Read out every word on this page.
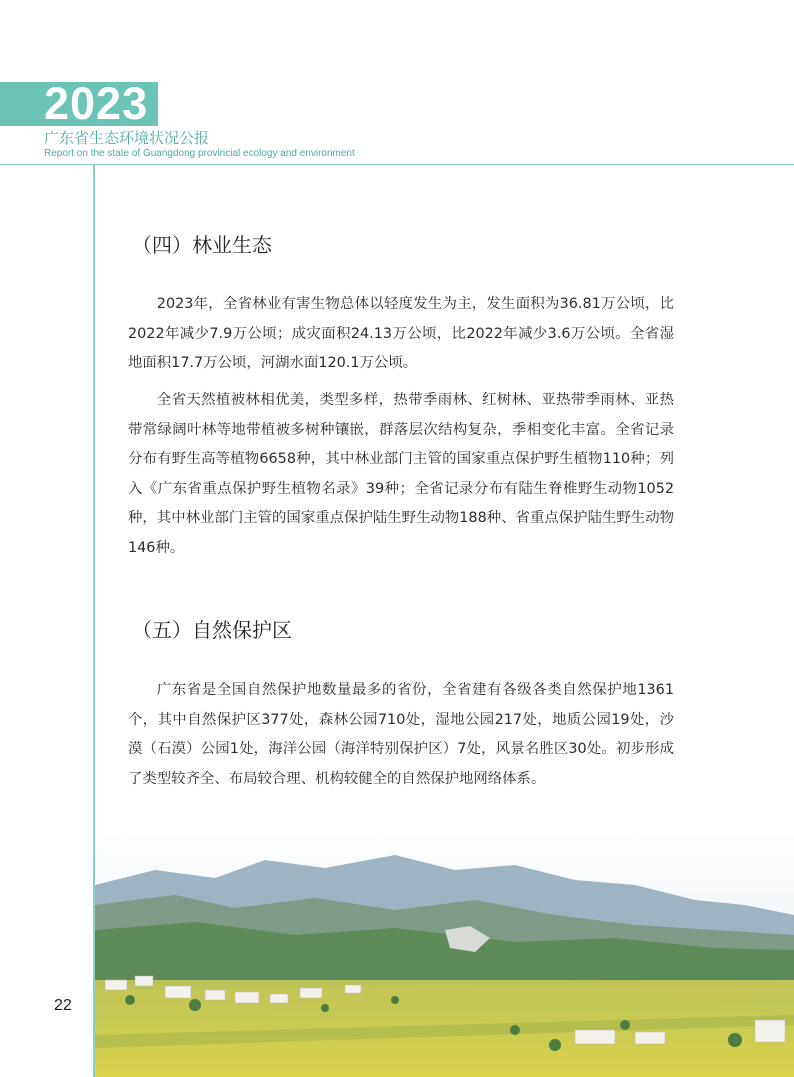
2023
广东省生态环境状况公报
Report on the state of Guangdong provincial ecology and environment
（四）林业生态

2023年，全省林业有害生物总体以轻度发生为主，发生面积为36.81万公顷，比2022年减少7.9万公顷；成灾面积24.13万公顷，比2022年减少3.6万公顷。全省湿地面积17.7万公顷，河湖水面120.1万公顷。

全省天然植被林相优美，类型多样，热带季雨林、红树林、亚热带季雨林、亚热带常绿阔叶林等地带植被多树种镶嵌，群落层次结构复杂，季相变化丰富。全省记录分布有野生高等植物6658种，其中林业部门主管的国家重点保护野生植物110种；列入《广东省重点保护野生植物名录》39种；全省记录分布有陆生脊椎野生动物1052种，其中林业部门主管的国家重点保护陆生野生动物188种、省重点保护陆生野生动物 146种。

（五）自然保护区

广东省是全国自然保护地数量最多的省份，全省建有各级各类自然保护地1361个，其中自然保护区377处，森林公园710处，湿地公园217处，地质公园19处，沙漠（石漠）公园1处，海洋公园（海洋特别保护区）7处，风景名胜区30处。初步形成了类型较齐全、布局较合理、机构较健全的自然保护地网络体系。

22
